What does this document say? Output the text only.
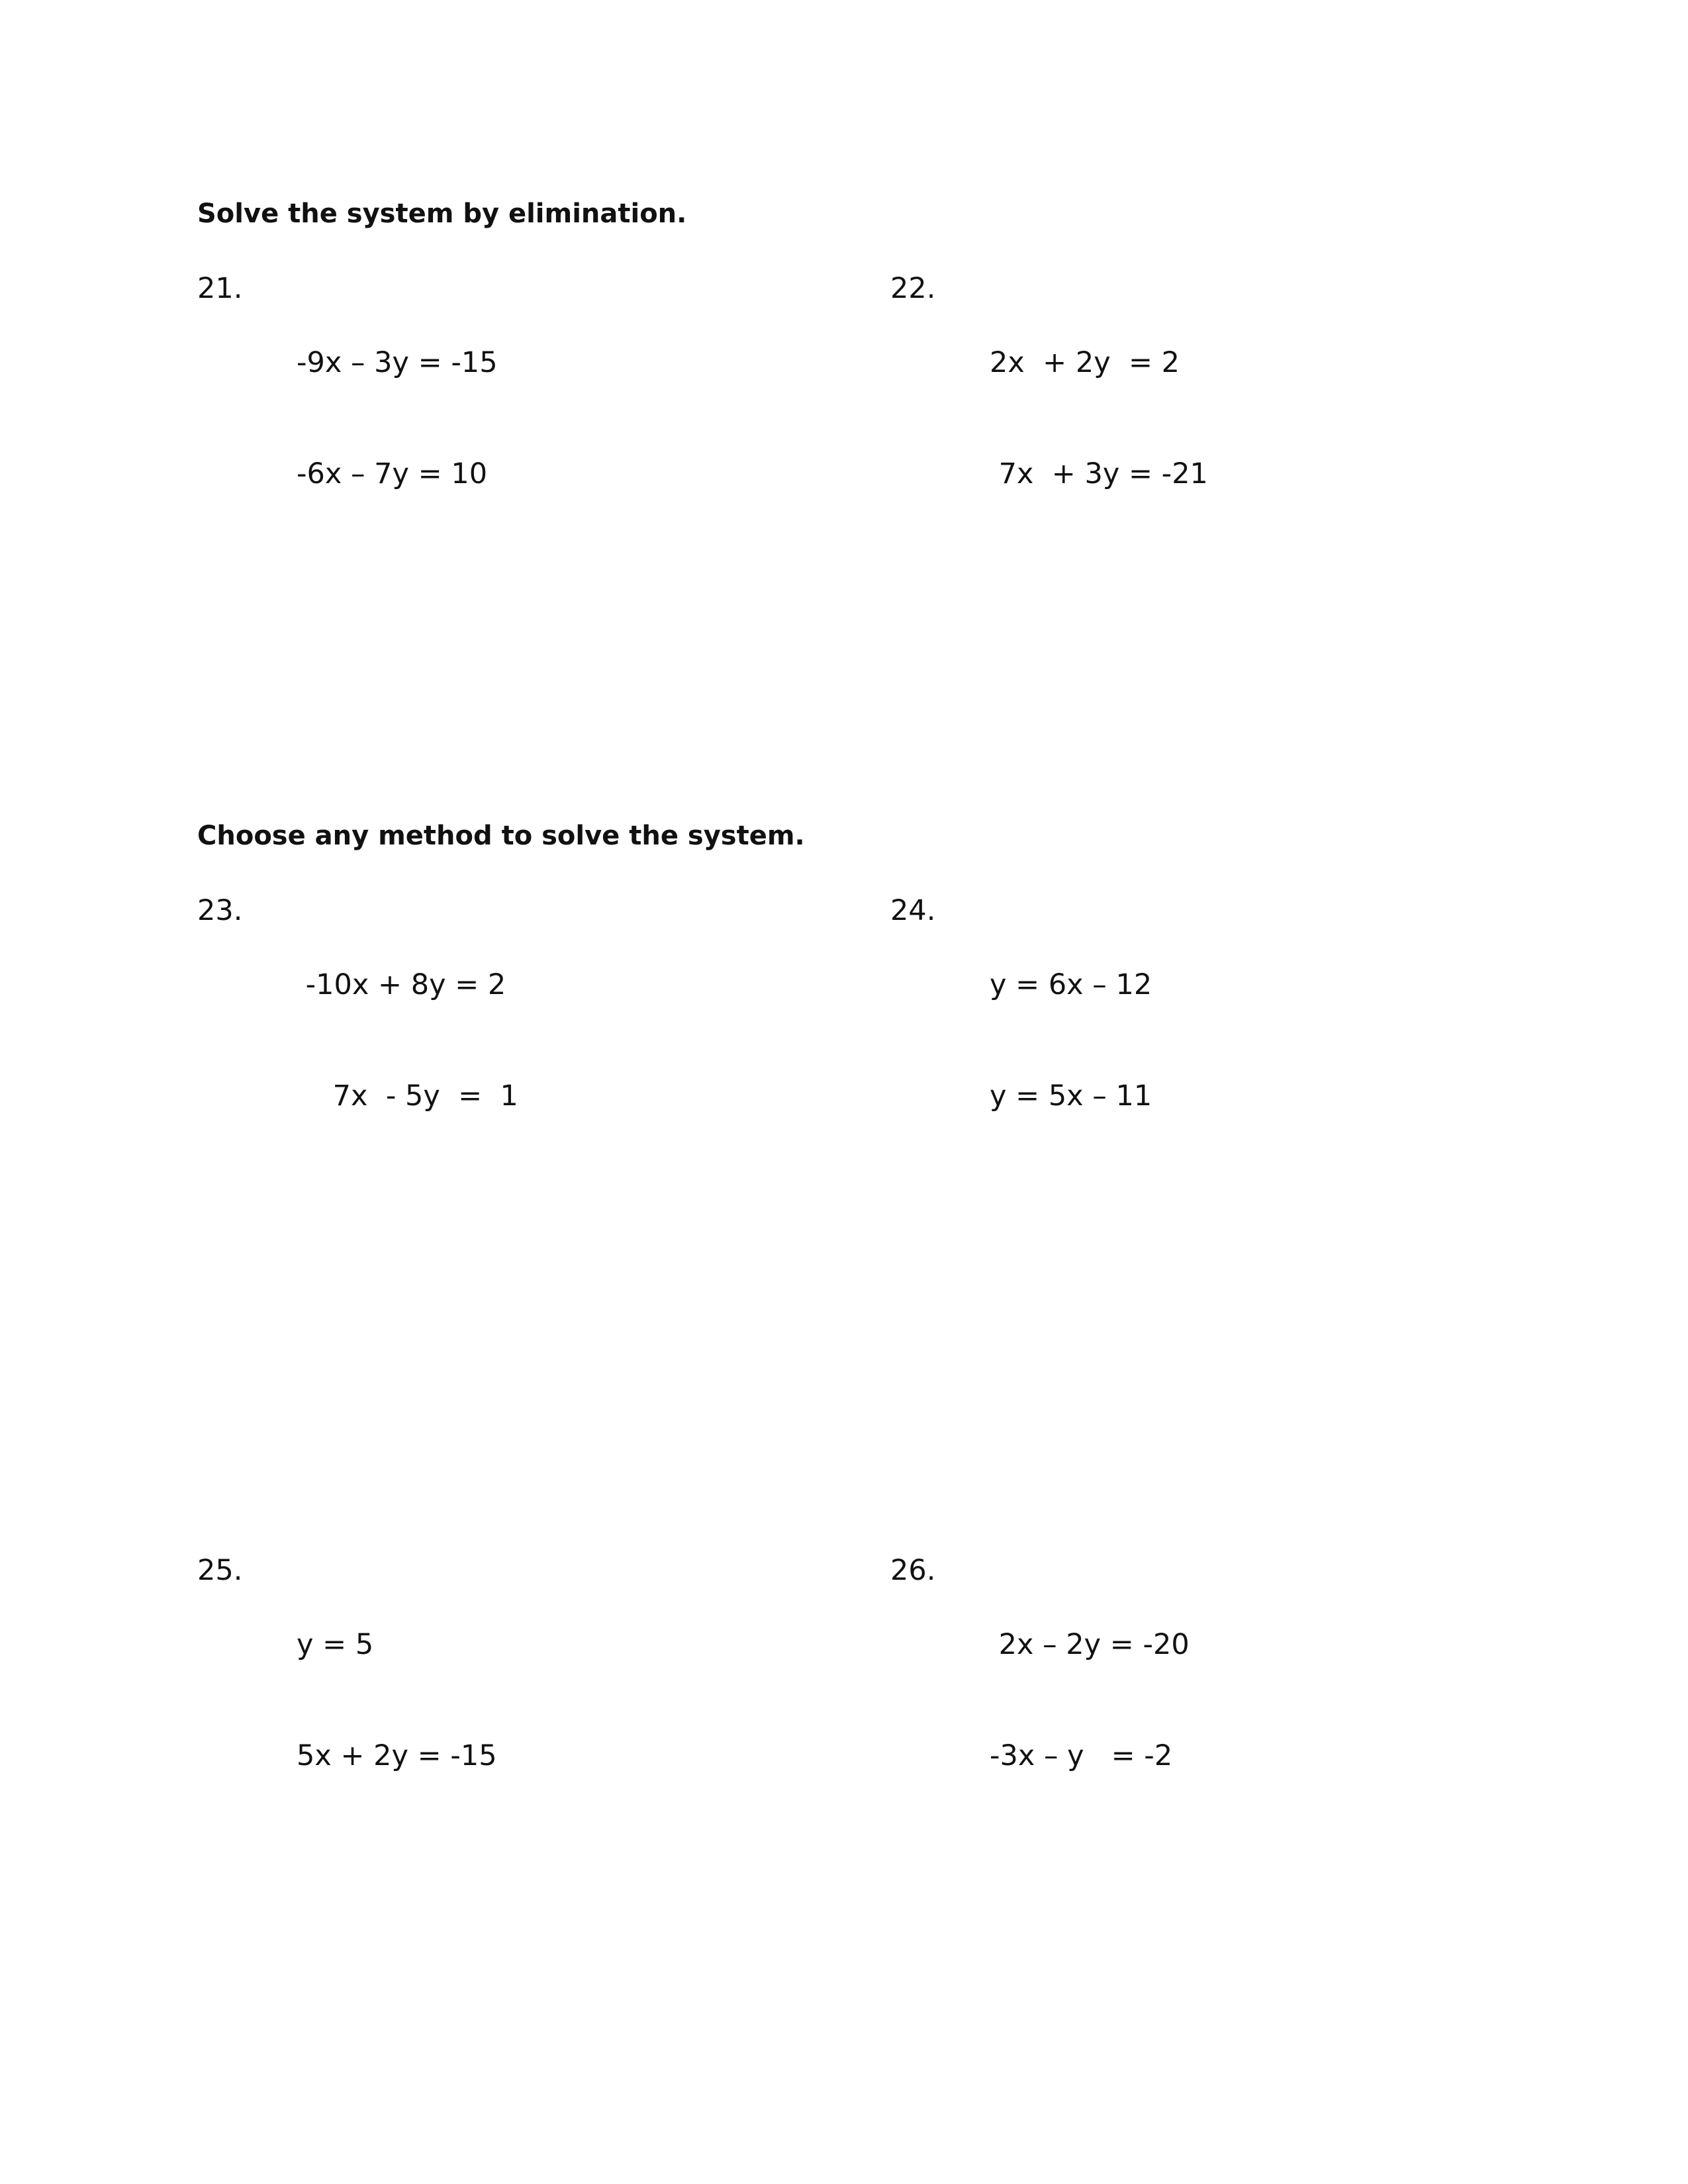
Solve the system by elimination.

21.

-9x – 3y = -15

-6x – 7y = 10

22.

2x  + 2y  = 2

7x  + 3y = -21

Choose any method to solve the system.

23.

-10x + 8y = 2

7x  - 5y  =  1

24.

y = 6x – 12

y = 5x – 11

25.

y = 5

5x + 2y = -15

26.

2x – 2y = -20

-3x – y   = -2
